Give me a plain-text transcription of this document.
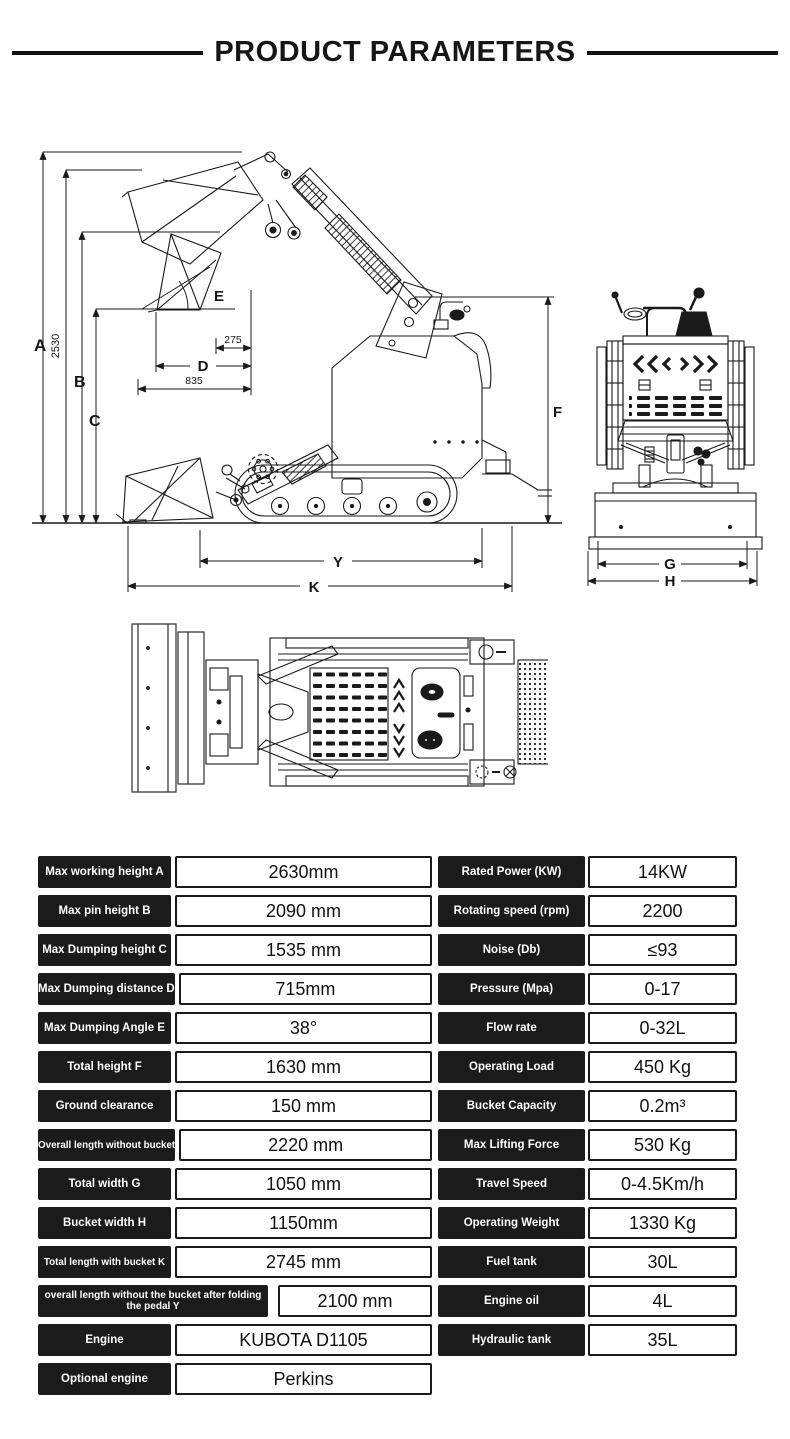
PRODUCT PARAMETERS
A 2530
B
C
D
275
835
E
F
Y
K
G
H
Max working height A	2630mm
Max pin height B	2090 mm
Max Dumping height C	1535 mm
Max Dumping distance D	715mm
Max Dumping Angle E	38°
Total height F	1630 mm
Ground clearance	150 mm
Overall length without bucket	2220 mm
Total width G	1050 mm
Bucket width H	1150mm
Total length with bucket K	2745 mm
overall length without the bucket after folding the pedal Y	2100 mm
Engine	KUBOTA D1105
Optional engine	Perkins
Rated Power (KW)	14KW
Rotating speed (rpm)	2200
Noise (Db)	≤93
Pressure (Mpa)	0-17
Flow rate	0-32L
Operating Load	450 Kg
Bucket Capacity	0.2m³
Max Lifting Force	530 Kg
Travel Speed	0-4.5Km/h
Operating Weight	1330 Kg
Fuel tank	30L
Engine oil	4L
Hydraulic tank	35L
